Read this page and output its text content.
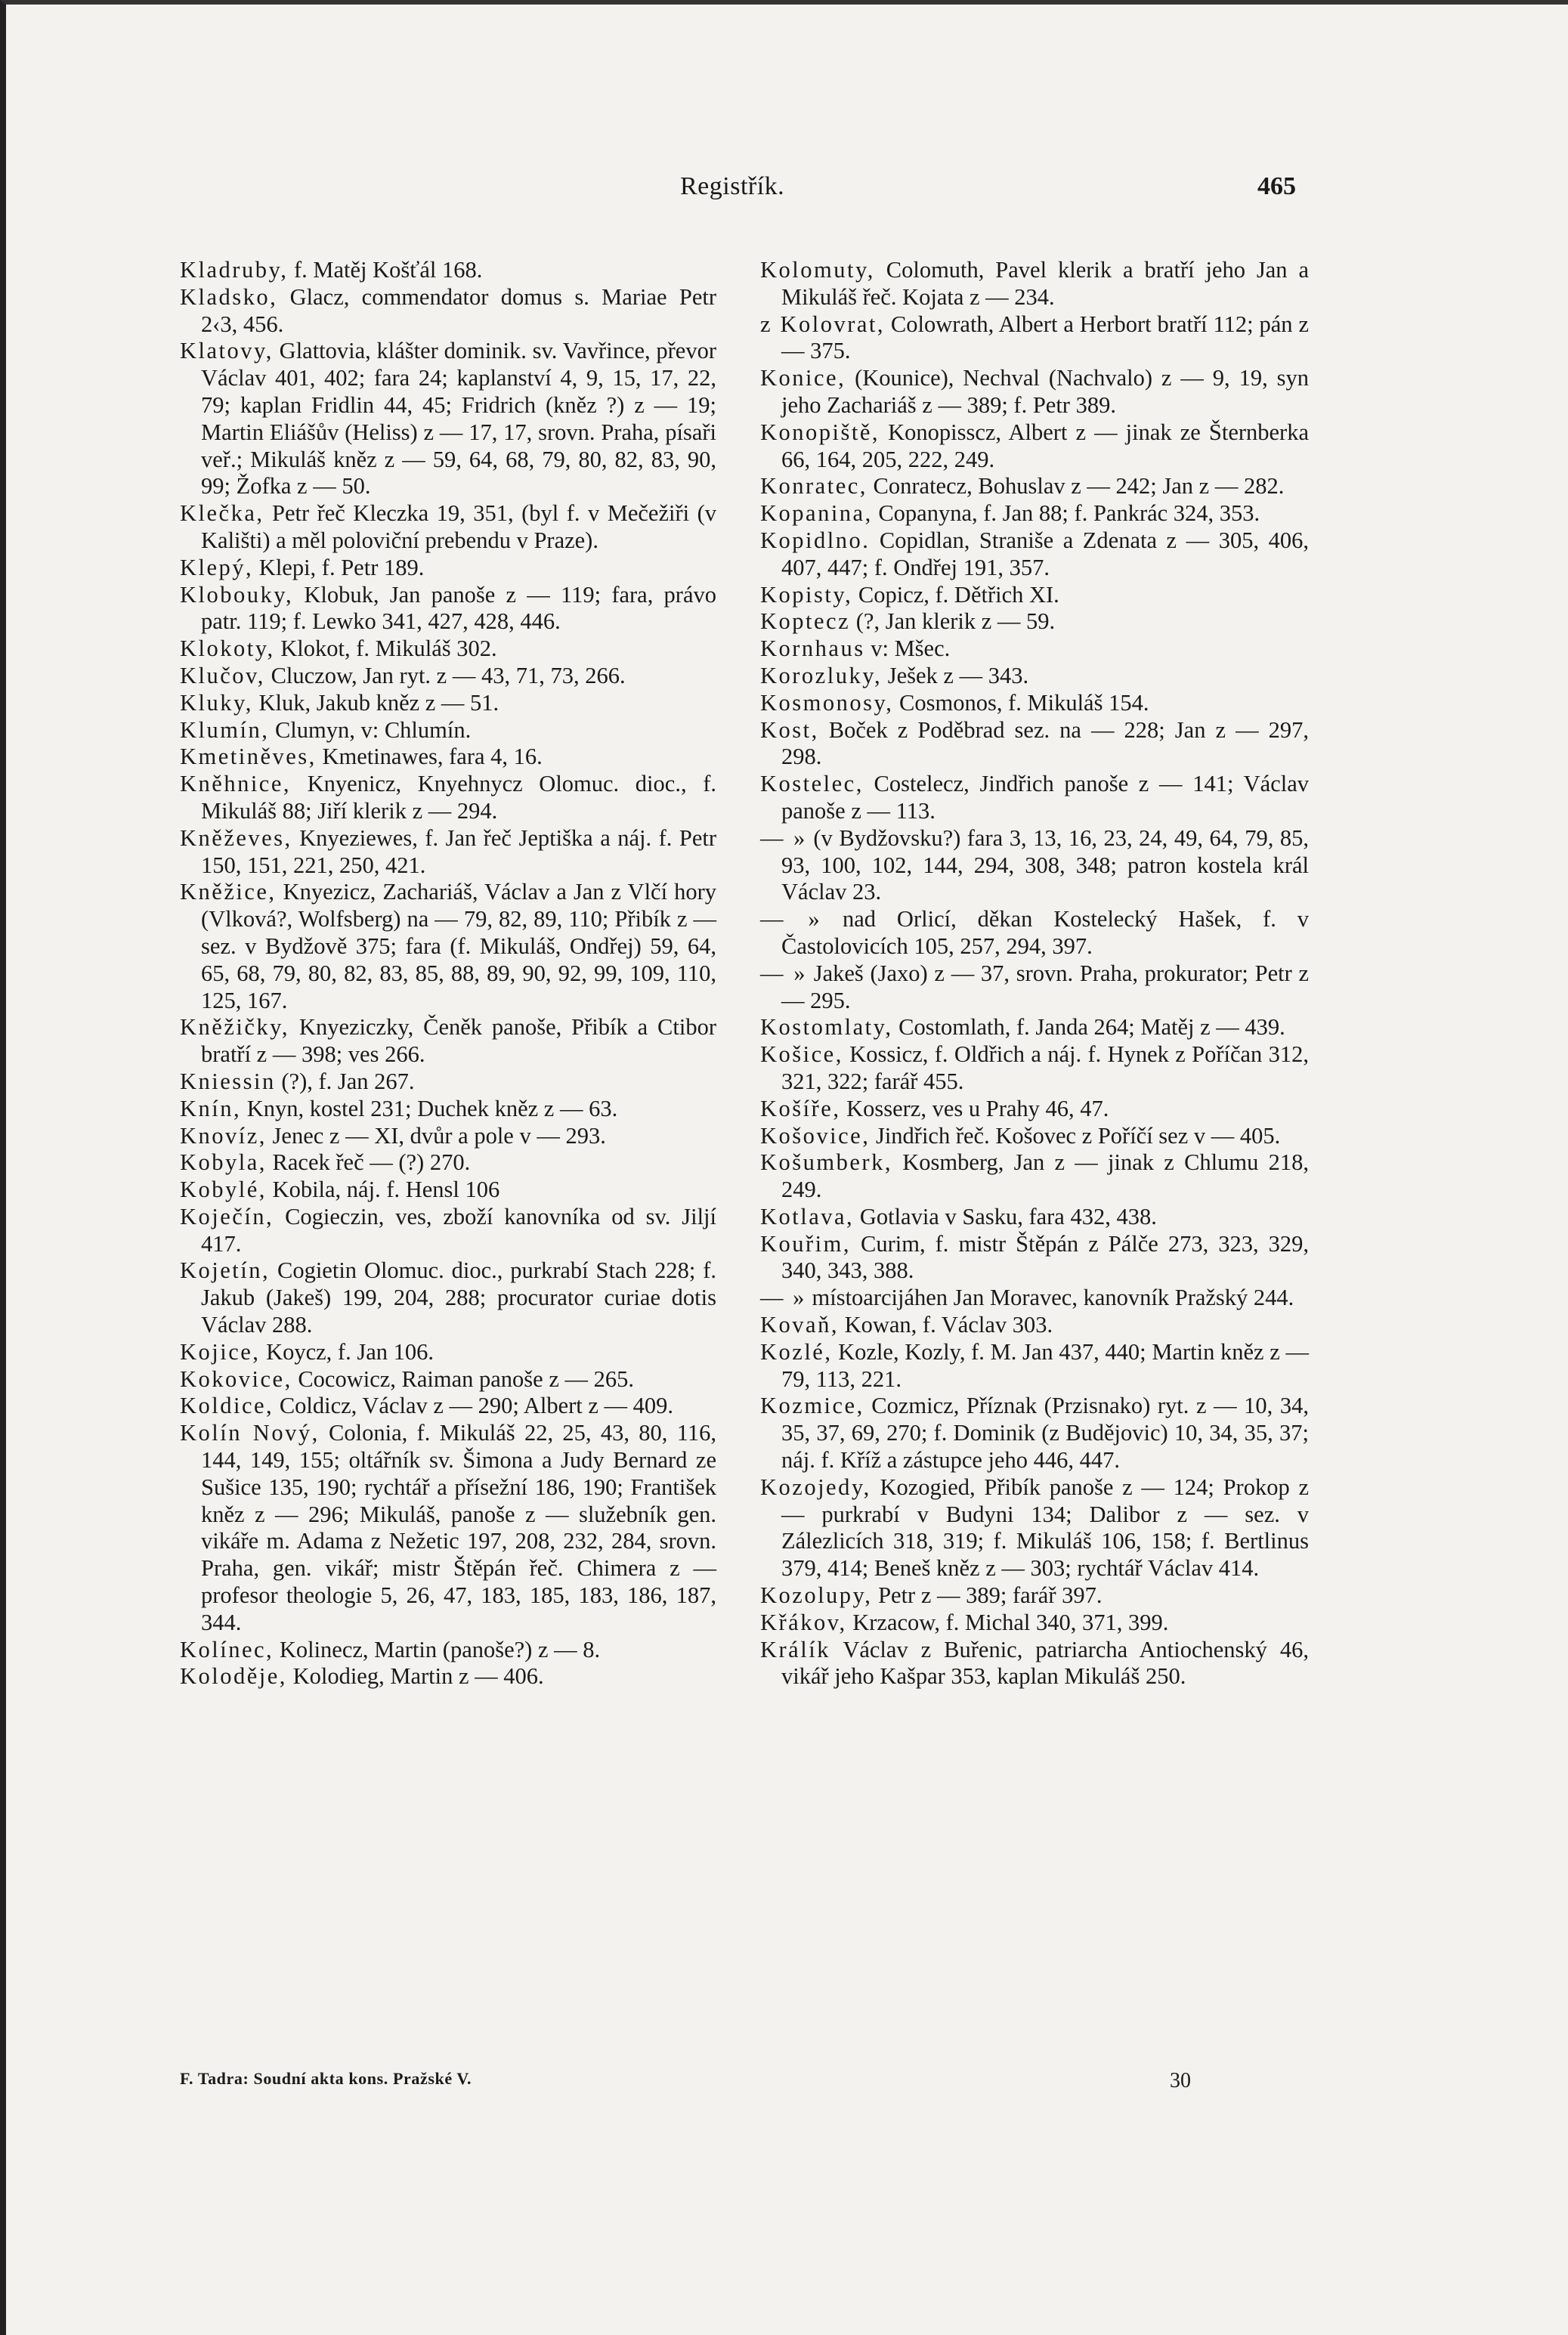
Registřík.	465

Kladruby, f. Matěj Košťál 168.

Kladsko, Glacz, commendator domus s. Mariae Petr 2‹3, 456.

Klatovy, Glattovia, klášter dominik. sv. Vavřince, převor Václav 401, 402; fara 24; kaplanství 4, 9, 15, 17, 22, 79; kaplan Fridlin 44, 45; Fridrich (kněz ?) z — 19; Martin Eliášův (Heliss) z — 17, 17, srovn. Praha, písaři veř.; Mikuláš kněz z — 59, 64, 68, 79, 80, 82, 83, 90, 99; Žofka z — 50.

Klečka, Petr řeč Kleczka 19, 351, (byl f. v Mečežiři (v Kališti) a měl poloviční prebendu v Praze).

Klepý, Klepi, f. Petr 189.

Klobouky, Klobuk, Jan panoše z — 119; fara, právo patr. 119; f. Lewko 341, 427, 428, 446.

Klokoty, Klokot, f. Mikuláš 302.

Klučov, Cluczow, Jan ryt. z — 43, 71, 73, 266.

Kluky, Kluk, Jakub kněz z — 51.

Klumín, Clumyn, v: Chlumín.

Kmetiněves, Kmetinawes, fara 4, 16.

Kněhnice, Knyenicz, Knyehnycz Olomuc. dioc., f. Mikuláš 88; Jiří klerik z — 294.

Kněževes, Knyeziewes, f. Jan řeč Jeptiška a náj. f. Petr 150, 151, 221, 250, 421.

Kněžice, Knyezicz, Zachariáš, Václav a Jan z Vlčí hory (Vlková?, Wolfsberg) na — 79, 82, 89, 110; Přibík z — sez. v Bydžově 375; fara (f. Mikuláš, Ondřej) 59, 64, 65, 68, 79, 80, 82, 83, 85, 88, 89, 90, 92, 99, 109, 110, 125, 167.

Kněžičky, Knyeziczky, Čeněk panoše, Přibík a Ctibor bratří z — 398; ves 266.

Kniessin (?), f. Jan 267.

Knín, Knyn, kostel 231; Duchek kněz z — 63.

Knovíz, Jenec z — XI, dvůr a pole v — 293.

Kobyla, Racek řeč — (?) 270.

Kobylé, Kobila, náj. f. Hensl 106

Koječín, Cogieczin, ves, zboží kanovníka od sv. Jiljí 417.

Kojetín, Cogietin Olomuc. dioc., purkrabí Stach 228; f. Jakub (Jakeš) 199, 204, 288; procurator curiae dotis Václav 288.

Kojice, Koycz, f. Jan 106.

Kokovice, Cocowicz, Raiman panoše z — 265.

Koldice, Coldicz, Václav z — 290; Albert z — 409.

Kolín Nový, Colonia, f. Mikuláš 22, 25, 43, 80, 116, 144, 149, 155; oltářník sv. Šimona a Judy Bernard ze Sušice 135, 190; rychtář a přísežní 186, 190; František kněz z — 296; Mikuláš, panoše z — služebník gen. vikáře m. Adama z Nežetic 197, 208, 232, 284, srovn. Praha, gen. vikář; mistr Štěpán řeč. Chimera z — profesor theologie 5, 26, 47, 183, 185, 183, 186, 187, 344.

Kolínec, Kolinecz, Martin (panoše?) z — 8.

Koloděje, Kolodieg, Martin z — 406.

Kolomuty, Colomuth, Pavel klerik a bratří jeho Jan a Mikuláš řeč. Kojata z — 234.

z Kolovrat, Colowrath, Albert a Herbort bratří 112; pán z — 375.

Konice, (Kounice), Nechval (Nachvalo) z — 9, 19, syn jeho Zachariáš z — 389; f. Petr 389.

Konopiště, Konopisscz, Albert z — jinak ze Šternberka 66, 164, 205, 222, 249.

Konratec, Conratecz, Bohuslav z — 242; Jan z — 282.

Kopanina, Copanyna, f. Jan 88; f. Pankrác 324, 353.

Kopidlno. Copidlan, Straniše a Zdenata z — 305, 406, 407, 447; f. Ondřej 191, 357.

Kopisty, Copicz, f. Dětřich XI.

Koptecz (?, Jan klerik z — 59.

Kornhaus v: Mšec.

Korozluky, Ješek z — 343.

Kosmonosy, Cosmonos, f. Mikuláš 154.

Kost, Boček z Poděbrad sez. na — 228; Jan z — 297, 298.

Kostelec, Costelecz, Jindřich panoše z — 141; Václav panoše z — 113.

— » (v Bydžovsku?) fara 3, 13, 16, 23, 24, 49, 64, 79, 85, 93, 100, 102, 144, 294, 308, 348; patron kostela král Václav 23.

— » nad Orlicí, děkan Kostelecký Hašek, f. v Častolovicích 105, 257, 294, 397.

— » Jakeš (Jaxo) z — 37, srovn. Praha, prokurator; Petr z — 295.

Kostomlaty, Costomlath, f. Janda 264; Matěj z — 439.

Košice, Kossicz, f. Oldřich a náj. f. Hynek z Poříčan 312, 321, 322; farář 455.

Košíře, Kosserz, ves u Prahy 46, 47.

Košovice, Jindřich řeč. Košovec z Poříčí sez v — 405.

Košumberk, Kosmberg, Jan z — jinak z Chlumu 218, 249.

Kotlava, Gotlavia v Sasku, fara 432, 438.

Kouřim, Curim, f. mistr Štěpán z Pálče 273, 323, 329, 340, 343, 388.

— » místoarciјáhen Jan Moravec, kanovník Pražský 244.

Kovaň, Kowan, f. Václav 303.

Kozlé, Kozle, Kozly, f. M. Jan 437, 440; Martin kněz z — 79, 113, 221.

Kozmice, Cozmicz, Příznak (Przisnako) ryt. z — 10, 34, 35, 37, 69, 270; f. Dominik (z Budějovic) 10, 34, 35, 37; náj. f. Kříž a zástupce jeho 446, 447.

Kozojedy, Kozogied, Přibík panoše z — 124; Prokop z — purkrabí v Budyni 134; Dalibor z — sez. v Zálezlicích 318, 319; f. Mikuláš 106, 158; f. Bertlinus 379, 414; Beneš kněz z — 303; rychtář Václav 414.

Kozolupy, Petr z — 389; farář 397.

Křákov, Krzacow, f. Michal 340, 371, 399.

Králík Václav z Buřenic, patriarcha Antiochenský 46, vikář jeho Kašpar 353, kaplan Mikuláš 250.

F. Tadra: Soudní akta kons. Pražské V.	30
